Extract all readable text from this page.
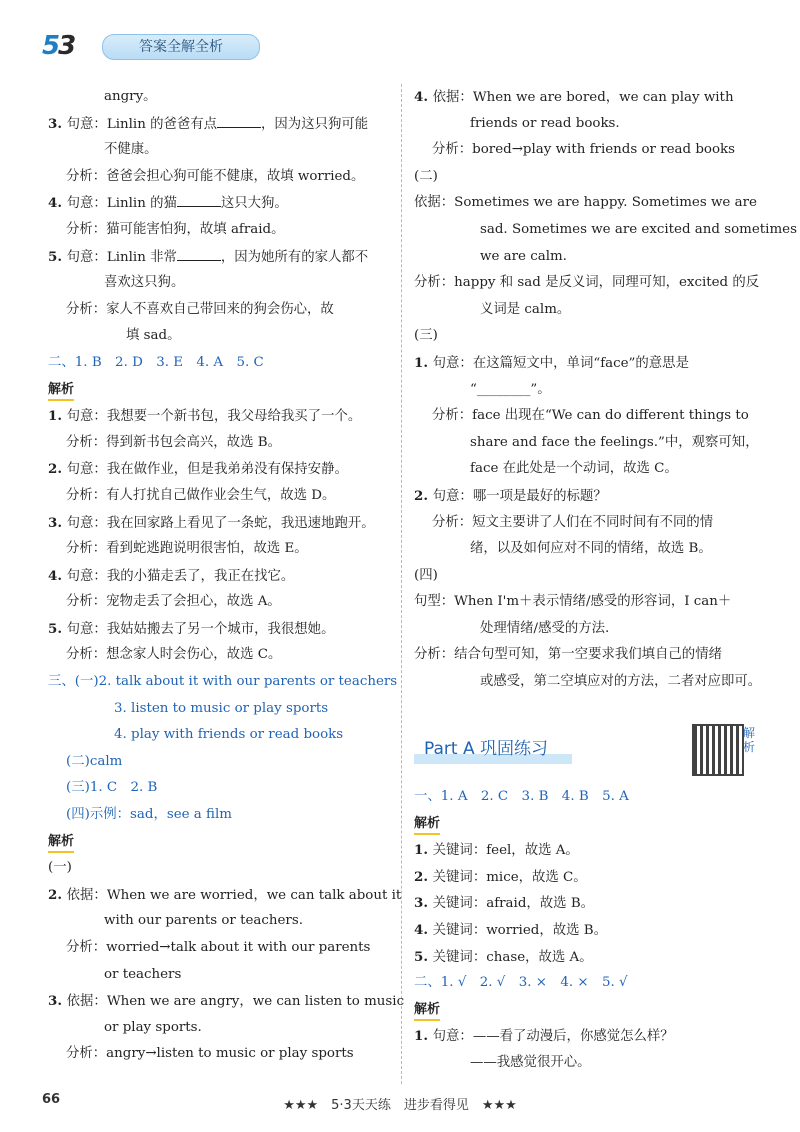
53	答案全解全析
angry。
3. 句意：Linlin 的爸爸有点	，因为这只狗可能
不健康。
分析：爸爸会担心狗可能不健康，故填 worried。
4. 句意：Linlin 的猫	这只大狗。
分析：猫可能害怕狗，故填 afraid。
5. 句意：Linlin 非常	，因为她所有的家人都不
喜欢这只狗。
分析：家人不喜欢自己带回来的狗会伤心，故
填 sad。
二、1. B　2. D　3. E　4. A　5. C
解析
1. 句意：我想要一个新书包，我父母给我买了一个。
分析：得到新书包会高兴，故选 B。
2. 句意：我在做作业，但是我弟弟没有保持安静。
分析：有人打扰自己做作业会生气，故选 D。
3. 句意：我在回家路上看见了一条蛇，我迅速地跑开。
分析：看到蛇逃跑说明很害怕，故选 E。
4. 句意：我的小猫走丢了，我正在找它。
分析：宠物走丢了会担心，故选 A。
5. 句意：我姑姑搬去了另一个城市，我很想她。
分析：想念家人时会伤心，故选 C。
三、(一)2. talk about it with our parents or teachers
3. listen to music or play sports
4. play with friends or read books
(二)calm
(三)1. C　2. B
(四)示例：sad，see a film
解析
(一)
2. 依据：When we are worried，we can talk about it
with our parents or teachers.
分析：worried→talk about it with our parents
or teachers
3. 依据：When we are angry，we can listen to music
or play sports.
分析：angry→listen to music or play sports
4. 依据：When we are bored，we can play with
friends or read books.
分析：bored→play with friends or read books
(二)
依据：Sometimes we are happy. Sometimes we are
sad. Sometimes we are excited and sometimes
we are calm.
分析：happy 和 sad 是反义词，同理可知，excited 的反
义词是 calm。
(三)
1. 句意：在这篇短文中，单词“face”的意思是
“________”。
分析：face 出现在“We can do different things to
share and face the feelings.”中，观察可知，
face 在此处是一个动词，故选 C。
2. 句意：哪一项是最好的标题？
分析：短文主要讲了人们在不同时间有不同的情
绪，以及如何应对不同的情绪，故选 B。
(四)
句型：When I'm＋表示情绪/感受的形容词，I can＋
处理情绪/感受的方法.
分析：结合句型可知，第一空要求我们填自己的情绪
或感受，第二空填应对的方法，二者对应即可。
Part A 巩固练习
解析
一、1. A　2. C　3. B　4. B　5. A
解析
1. 关键词：feel，故选 A。
2. 关键词：mice，故选 C。
3. 关键词：afraid，故选 B。
4. 关键词：worried，故选 B。
5. 关键词：chase，故选 A。
二、1. √　2. √　3. ×　4. ×　5. √
解析
1. 句意：——看了动漫后，你感觉怎么样？
——我感觉很开心。
66	★★★　5·3天天练　进步看得见　★★★
